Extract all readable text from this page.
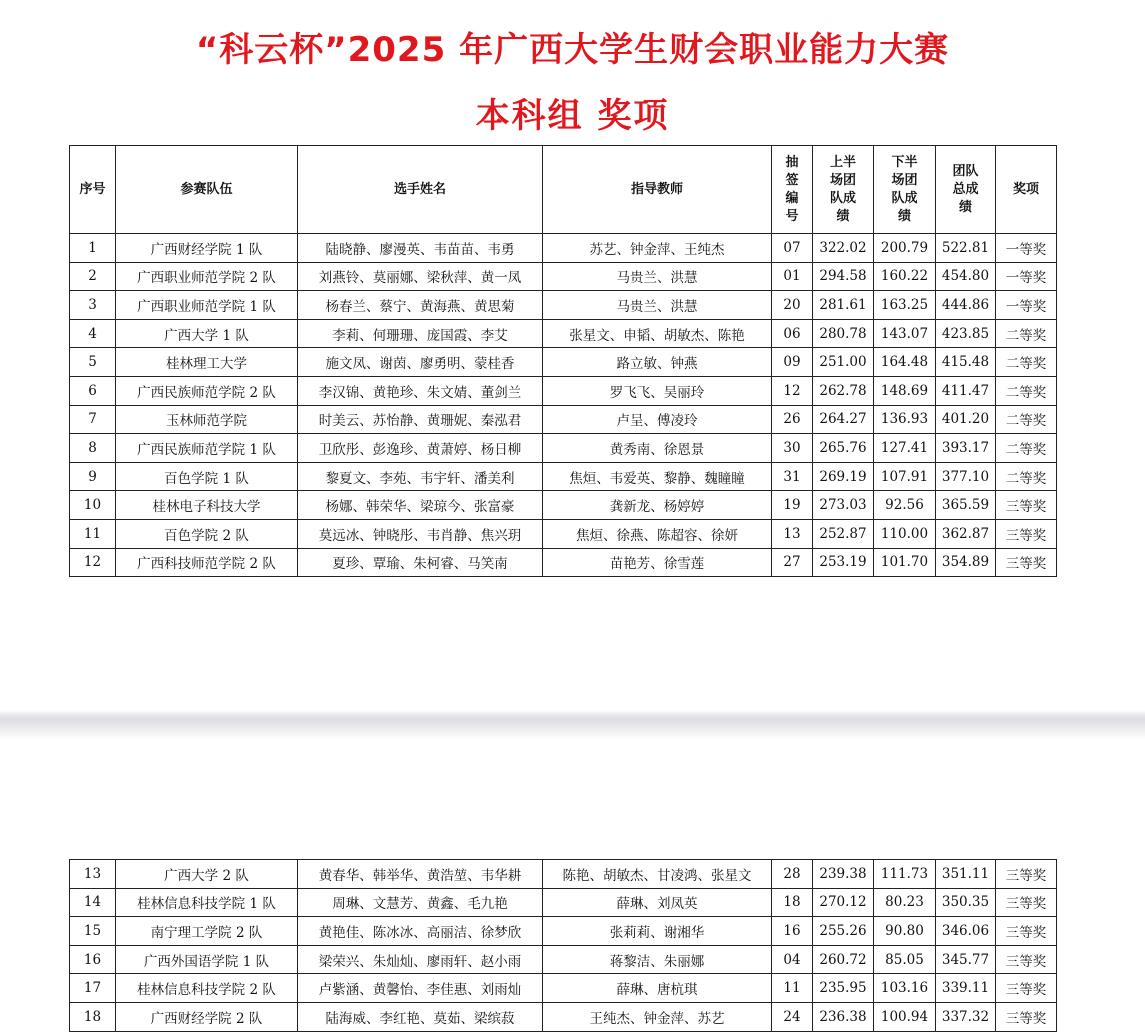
“科云杯”2025 年广西大学生财会职业能力大赛
本科组 奖项
序号	参赛队伍	选手姓名	指导教师	抽签编号	上半场团队成绩	下半场团队成绩	团队总成绩	奖项
1	广西财经学院 1 队	陆晓静、廖漫英、韦苗苗、韦勇	苏艺、钟金萍、王纯杰	07	322.02	200.79	522.81	一等奖
2	广西职业师范学院 2 队	刘燕铃、莫丽娜、梁秋萍、黄一凤	马贵兰、洪慧	01	294.58	160.22	454.80	一等奖
3	广西职业师范学院 1 队	杨春兰、蔡宁、黄海燕、黄思菊	马贵兰、洪慧	20	281.61	163.25	444.86	一等奖
4	广西大学 1 队	李莉、何珊珊、庞国霞、李艾	张星文、申韬、胡敏杰、陈艳	06	280.78	143.07	423.85	二等奖
5	桂林理工大学	施文凤、谢茵、廖勇明、蒙桂香	路立敏、钟燕	09	251.00	164.48	415.48	二等奖
6	广西民族师范学院 2 队	李汉锦、黄艳珍、朱文婧、董剑兰	罗飞飞、吴丽玲	12	262.78	148.69	411.47	二等奖
7	玉林师范学院	时美云、苏怡静、黄珊妮、秦泓君	卢呈、傅凌玲	26	264.27	136.93	401.20	二等奖
8	广西民族师范学院 1 队	卫欣彤、彭逸珍、黄萧婷、杨日柳	黄秀南、徐恩景	30	265.76	127.41	393.17	二等奖
9	百色学院 1 队	黎夏文、李苑、韦宇轩、潘美利	焦烜、韦爱英、黎静、魏瞳瞳	31	269.19	107.91	377.10	二等奖
10	桂林电子科技大学	杨娜、韩荣华、梁琼今、张富豪	龚新龙、杨婷婷	19	273.03	92.56	365.59	三等奖
11	百色学院 2 队	莫远冰、钟晓彤、韦肖静、焦兴玥	焦烜、徐燕、陈超容、徐妍	13	252.87	110.00	362.87	三等奖
12	广西科技师范学院 2 队	夏珍、覃瑜、朱柯睿、马笑南	苗艳芳、徐雪莲	27	253.19	101.70	354.89	三等奖
13	广西大学 2 队	黄春华、韩举华、黄浩堃、韦华耕	陈艳、胡敏杰、甘凌鸿、张星文	28	239.38	111.73	351.11	三等奖
14	桂林信息科技学院 1 队	周琳、文慧芳、黄鑫、毛九艳	薛琳、刘凤英	18	270.12	80.23	350.35	三等奖
15	南宁理工学院 2 队	黄艳佳、陈冰冰、高丽洁、徐梦欣	张莉莉、谢湘华	16	255.26	90.80	346.06	三等奖
16	广西外国语学院 1 队	梁荣兴、朱灿灿、廖雨轩、赵小雨	蒋黎洁、朱丽娜	04	260.72	85.05	345.77	三等奖
17	桂林信息科技学院 2 队	卢紫涵、黄馨怡、李佳惠、刘雨灿	薛琳、唐杭琪	11	235.95	103.16	339.11	三等奖
18	广西财经学院 2 队	陆海威、李红艳、莫茹、梁缤菽	王纯杰、钟金萍、苏艺	24	236.38	100.94	337.32	三等奖
